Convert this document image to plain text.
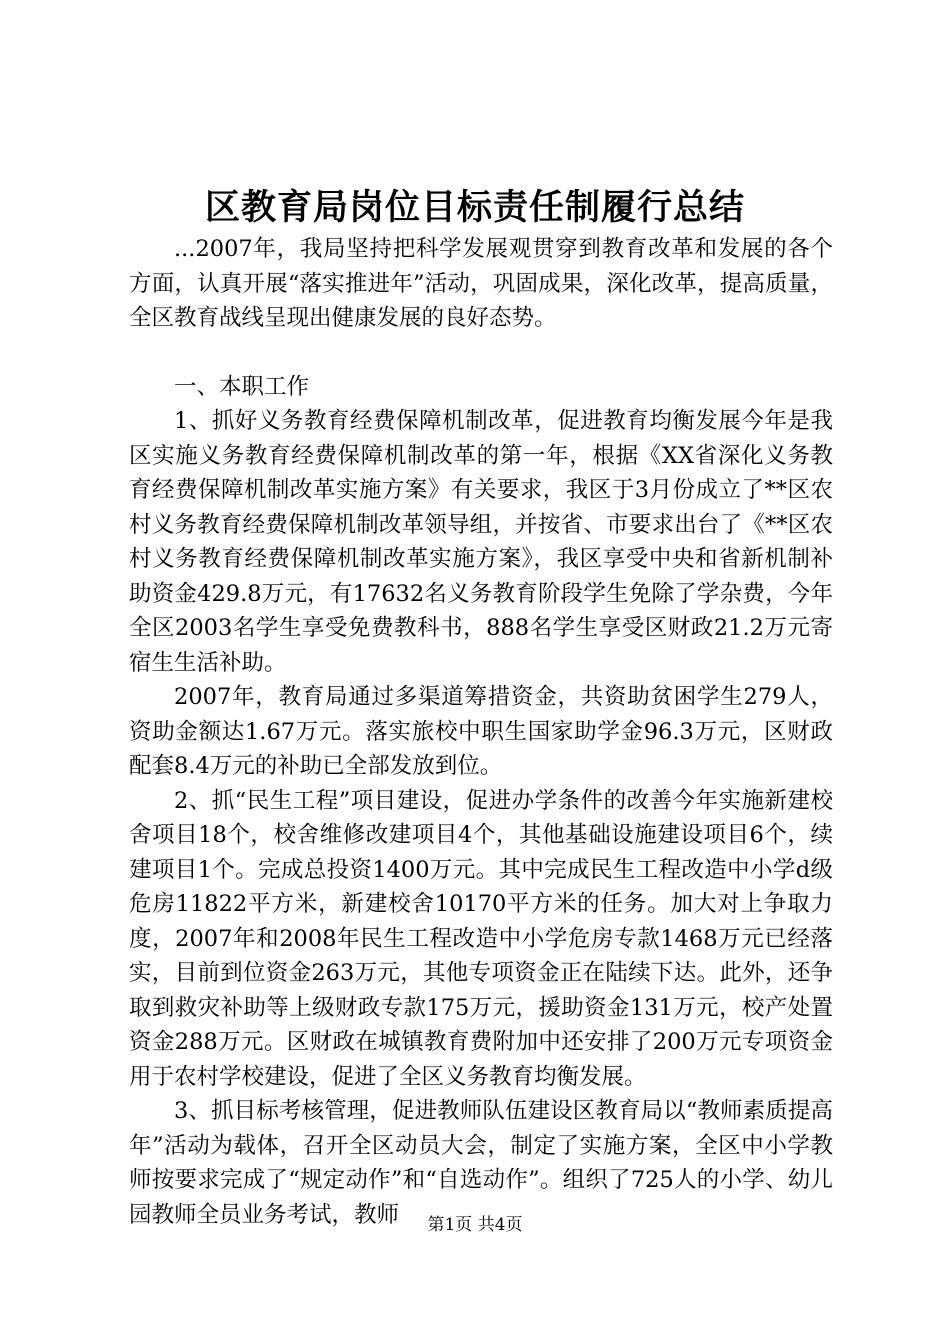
区教育局岗位目标责任制履行总结

...2007年，我局坚持把科学发展观贯穿到教育改革和发展的各个方面，认真开展“落实推进年”活动，巩固成果，深化改革，提高质量，全区教育战线呈现出健康发展的良好态势。

一、本职工作

1、抓好义务教育经费保障机制改革，促进教育均衡发展今年是我区实施义务教育经费保障机制改革的第一年，根据《XX省深化义务教育经费保障机制改革实施方案》有关要求，我区于3月份成立了**区农村义务教育经费保障机制改革领导组，并按省、市要求出台了《**区农村义务教育经费保障机制改革实施方案》，我区享受中央和省新机制补助资金429.8万元，有17632名义务教育阶段学生免除了学杂费，今年全区2003名学生享受免费教科书，888名学生享受区财政21.2万元寄宿生生活补助。

2007年，教育局通过多渠道筹措资金，共资助贫困学生279人，资助金额达1.67万元。落实旅校中职生国家助学金96.3万元，区财政配套8.4万元的补助已全部发放到位。

2、抓“民生工程”项目建设，促进办学条件的改善今年实施新建校舍项目18个，校舍维修改建项目4个，其他基础设施建设项目6个，续建项目1个。完成总投资1400万元。其中完成民生工程改造中小学d级危房11822平方米，新建校舍10170平方米的任务。加大对上争取力度，2007年和2008年民生工程改造中小学危房专款1468万元已经落实，目前到位资金263万元，其他专项资金正在陆续下达。此外，还争取到救灾补助等上级财政专款175万元，援助资金131万元，校产处置资金288万元。区财政在城镇教育费附加中还安排了200万元专项资金用于农村学校建设，促进了全区义务教育均衡发展。

3、抓目标考核管理，促进教师队伍建设区教育局以“教师素质提高年”活动为载体，召开全区动员大会，制定了实施方案，全区中小学教师按要求完成了“规定动作”和“自选动作”。组织了725人的小学、幼儿园教师全员业务考试，教师	第1页 共4页
